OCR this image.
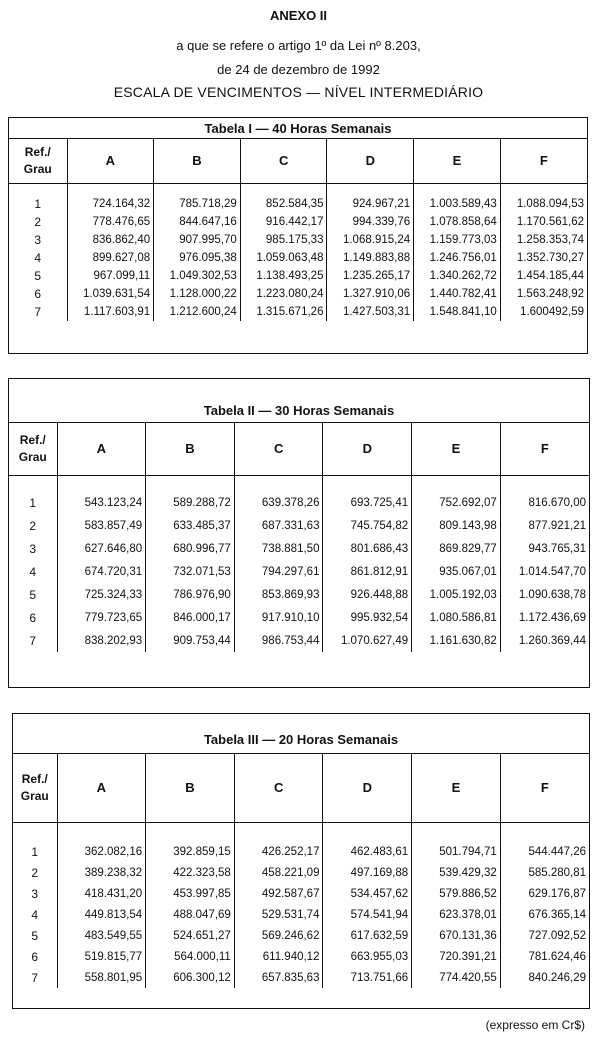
ANEXO II
a que se refere o artigo 1º da Lei nº 8.203,
de 24 de dezembro de 1992
ESCALA DE VENCIMENTOS — NÍVEL INTERMEDIÁRIO
Tabela I — 40 Horas Semanais
Ref./
Grau	A	B	C	D	E	F

1	724.164,32	785.718,29	852.584,35	924.967,21	1.003.589,43	1.088.094,53
2	778.476,65	844.647,16	916.442,17	994.339,76	1.078.858,64	1.170.561,62
3	836.862,40	907.995,70	985.175,33	1.068.915,24	1.159.773,03	1.258.353,74
4	899.627,08	976.095,38	1.059.063,48	1.149.883,88	1.246.756,01	1.352.730,27
5	967.099,11	1.049.302,53	1.138.493,25	1.235.265,17	1.340.262,72	1.454.185,44
6	1.039.631,54	1.128.000,22	1.223.080,24	1.327.910,06	1.440.782,41	1.563.248,92
7	1.117.603,91	1.212.600,24	1.315.671,26	1.427.503,31	1.548.841,10	1.600492,59

Tabela II — 30 Horas Semanais
Ref./
Grau	A	B	C	D	E	F

1	543.123,24	589.288,72	639.378,26	693.725,41	752.692,07	816.670,00
2	583.857,49	633.485,37	687.331,63	745.754,82	809.143,98	877.921,21
3	627.646,80	680.996,77	738.881,50	801.686,43	869.829,77	943.765,31
4	674.720,31	732.071,53	794.297,61	861.812,91	935.067,01	1.014.547,70
5	725.324,33	786.976,90	853.869,93	926.448,88	1.005.192,03	1.090.638,78
6	779.723,65	846.000,17	917.910,10	995.932,54	1.080.586,81	1.172.436,69
7	838.202,93	909.753,44	986.753,44	1.070.627,49	1.161.630,82	1.260.369,44

Tabela III — 20 Horas Semanais
Ref./
Grau	A	B	C	D	E	F

1	362.082,16	392.859,15	426.252,17	462.483,61	501.794,71	544.447,26
2	389.238,32	422.323,58	458.221,09	497.169,88	539.429,32	585.280,81
3	418.431,20	453.997,85	492.587,67	534.457,62	579.886,52	629.176,87
4	449.813,54	488.047,69	529.531,74	574.541,94	623.378,01	676.365,14
5	483.549,55	524.651,27	569.246,62	617.632,59	670.131,36	727.092,52
6	519.815,77	564.000,11	611.940,12	663.955,03	720.391,21	781.624,46
7	558.801,95	606.300,12	657.835,63	713.751,66	774.420,55	840.246,29

(expresso em Cr$)
